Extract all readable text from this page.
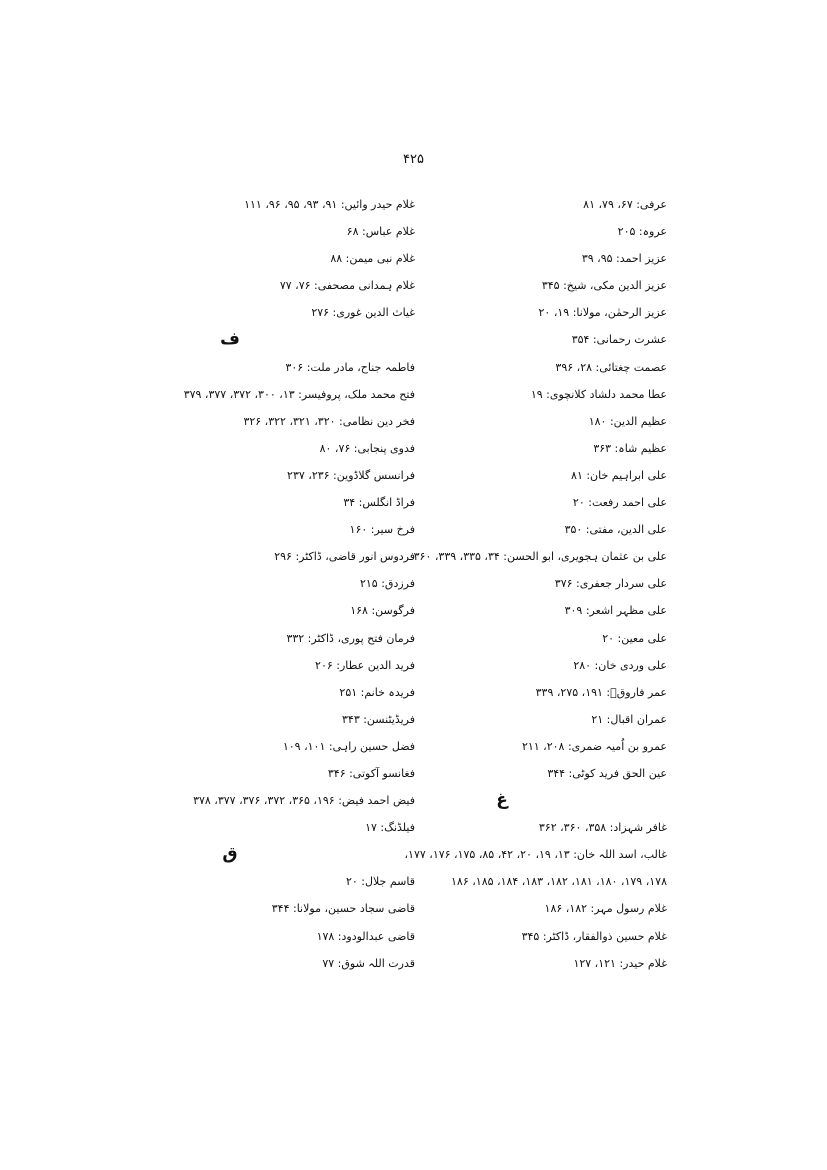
۴۲۵
عرفی: ۶۷، ۷۹، ۸۱
عروہ: ۲۰۵
عزیز احمد: ۹۵، ۳۹
عزیز الدین مکی، شیخ: ۳۴۵
عزیز الرحمٰن، مولانا: ۱۹، ۲۰
عشرت رحمانی: ۳۵۴
عصمت چغتائی: ۲۸، ۳۹۶
عطا محمد دلشاد کلانچوی: ۱۹
عظیم الدین: ۱۸۰
عظیم شاہ: ۳۶۳
علی ابراہیم خان: ۸۱
علی احمد رفعت: ۲۰
علی الدین، مفتی: ۳۵۰
علی بن عثمان ہجویری، ابو الحسن: ۳۴، ۳۳۵، ۳۳۹، ۳۶۰
علی سردار جعفری: ۳۷۶
علی مظہر اشعر: ۳۰۹
علی معین: ۲۰
علی وردی خان: ۲۸۰
عمر فاروقؓ: ۱۹۱، ۲۷۵، ۳۳۹
عمران اقبال: ۲۱
عمرو بن اُمیہ ضمری: ۲۰۸، ۲۱۱
عین الحق فرید کوٹی: ۳۴۴
غ
غافر شہزاد: ۳۵۸، ۳۶۰، ۳۶۲
غالب، اسد اللہ خان: ۱۳، ۱۹، ۲۰، ۴۲، ۸۵، ۱۷۵، ۱۷۶، ۱۷۷،
۱۷۸، ۱۷۹، ۱۸۰، ۱۸۱، ۱۸۲، ۱۸۳، ۱۸۴، ۱۸۵، ۱۸۶
غلام رسول مہر: ۱۸۲، ۱۸۶
غلام حسین ذوالفقار، ڈاکٹر: ۳۴۵
غلام حیدر: ۱۲۱، ۱۲۷
غلام حیدر وائیں: ۹۱، ۹۳، ۹۵، ۹۶، ۱۱۱
غلام عباس: ۶۸
غلام نبی میمن: ۸۸
غلام ہمدانی مصحفی: ۷۶، ۷۷
غیاث الدین غوری: ۲۷۶
ف
فاطمہ جناح، مادر ملت: ۳۰۶
فتح محمد ملک، پروفیسر: ۱۳، ۳۰۰، ۳۷۲، ۳۷۷، ۳۷۹
فخر دین نظامی: ۳۲۰، ۳۲۱، ۳۲۲، ۳۲۶
فدوی پنجابی: ۷۶، ۸۰
فرانسس گلاڈوین: ۲۳۶، ۲۳۷
فراڈ انگلس: ۳۴
فرخ سیر: ۱۶۰
فردوس انور قاضی، ڈاکٹر: ۲۹۶
فرزدق: ۲۱۵
فرگوسن: ۱۶۸
فرمان فتح پوری، ڈاکٹر: ۳۳۲
فرید الدین عطار: ۲۰۶
فریدہ خانم: ۲۵۱
فریڈیٹنسن: ۳۴۳
فضل حسین راہی: ۱۰۱، ۱۰۹
فغانسو آکوتی: ۳۴۶
فیض احمد فیض: ۱۹۶، ۳۶۵، ۳۷۲، ۳۷۶، ۳۷۷، ۳۷۸
فیلڈنگ: ۱۷
ق
قاسم جلال: ۲۰
قاضی سجاد حسین، مولانا: ۳۴۴
قاضی عبدالودود: ۱۷۸
قدرت اللہ شوق: ۷۷
